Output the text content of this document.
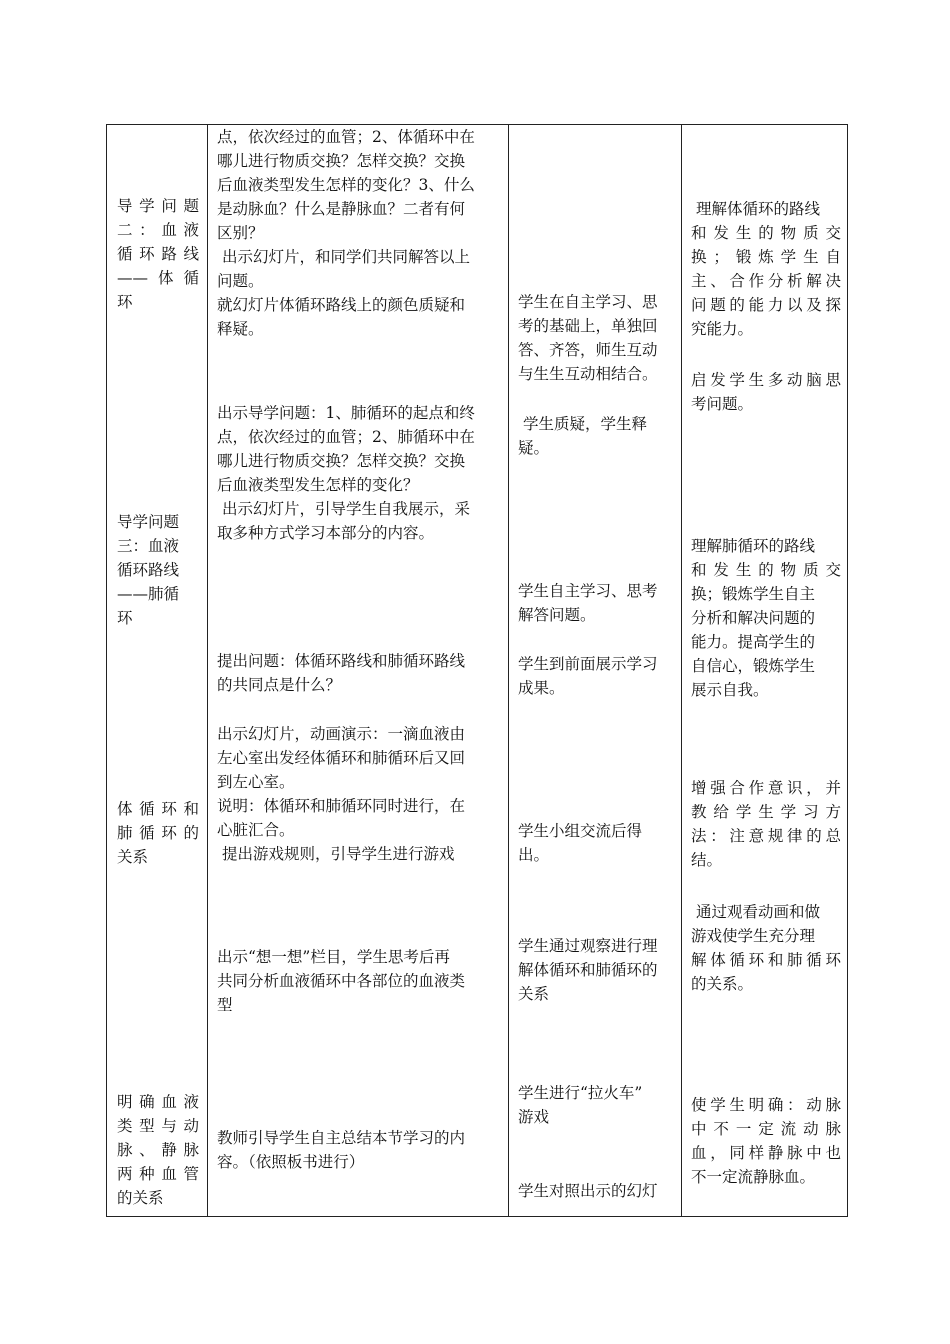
导学问题

二：血液

循环路线

——体循

环

导学问题

三：血液

循环路线

——肺循

环

体循环和

肺循环的

关系

明确血液

类型与动

脉、静脉

两种血管

的关系

点，依次经过的血管；2、体循环中在

哪儿进行物质交换？怎样交换？交换

后血液类型发生怎样的变化？3、什么

是动脉血？什么是静脉血？二者有何

区别？

出示幻灯片，和同学们共同解答以上

问题。

就幻灯片体循环路线上的颜色质疑和

释疑。

出示导学问题：1、肺循环的起点和终

点，依次经过的血管；2、肺循环中在

哪儿进行物质交换？怎样交换？交换

后血液类型发生怎样的变化？

出示幻灯片，引导学生自我展示，采

取多种方式学习本部分的内容。

提出问题：体循环路线和肺循环路线

的共同点是什么？

出示幻灯片，动画演示：一滴血液由

左心室出发经体循环和肺循环后又回

到左心室。

说明：体循环和肺循环同时进行，在

心脏汇合。

提出游戏规则，引导学生进行游戏

出示“想一想”栏目，学生思考后再

共同分析血液循环中各部位的血液类

型

教师引导学生自主总结本节学习的内

容。（依照板书进行）

学生在自主学习、思

考的基础上，单独回

答、齐答，师生互动

与生生互动相结合。

学生质疑，学生释

疑。

学生自主学习、思考

解答问题。

学生到前面展示学习

成果。

学生小组交流后得

出。

学生通过观察进行理

解体循环和肺循环的

关系

学生进行“拉火车”

游戏

学生对照出示的幻灯

理解体循环的路线

和发生的物质交

换；锻炼学生自

主、合作分析解决

问题的能力以及探

究能力。

启发学生多动脑思

考问题。

理解肺循环的路线

和发生的物质交

换；锻炼学生自主

分析和解决问题的

能力。提高学生的

自信心，锻炼学生

展示自我。

增强合作意识，并

教给学生学习方

法：注意规律的总

结。

通过观看动画和做

游戏使学生充分理

解体循环和肺循环

的关系。

使学生明确：动脉

中不一定流动脉

血，同样静脉中也

不一定流静脉血。
